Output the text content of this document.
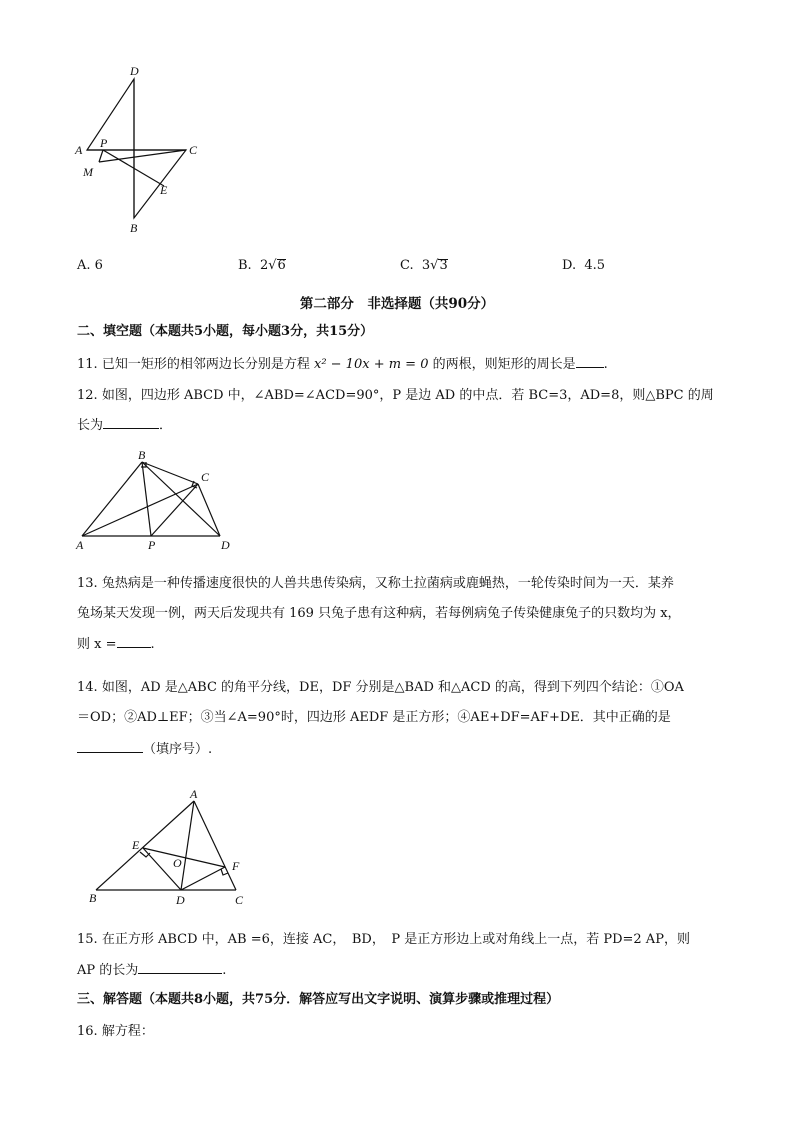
D
A P	C
M
E
B
A. 6	B. 2√6	C. 3√3	D. 4.5
第二部分　非选择题（共90分）
二、填空题（本题共5小题，每小题3分，共15分）
11. 已知一矩形的相邻两边长分别是方程 x² − 10x + m = 0 的两根，则矩形的周长是 .
12. 如图，四边形 ABCD 中，∠ABD=∠ACD=90°，P 是边 AD 的中点．若 BC=3，AD=8，则△BPC 的周
长为	．
B
C
A	P	D
13. 兔热病是一种传播速度很快的人兽共患传染病，又称土拉菌病或鹿蝇热，一轮传染时间为一天．某养
兔场某天发现一例，两天后发现共有 169 只兔子患有这种病，若每例病兔子传染健康兔子的只数均为 x，
则 x =	.
14. 如图，AD 是△ABC 的角平分线，DE，DF 分别是△BAD 和△ACD 的高，得到下列四个结论：①OA
＝OD；②AD⊥EF；③当∠A=90°时，四边形 AEDF 是正方形；④AE+DF=AF+DE．其中正确的是
（填序号）.
A
E
O	F
B	D	C
15. 在正方形 ABCD 中，AB =6，连接 AC，　BD，　P 是正方形边上或对角线上一点，若 PD=2 AP，则
AP 的长为	.
三、解答题（本题共8小题，共75分．解答应写出文字说明、演算步骤或推理过程）
16. 解方程：
